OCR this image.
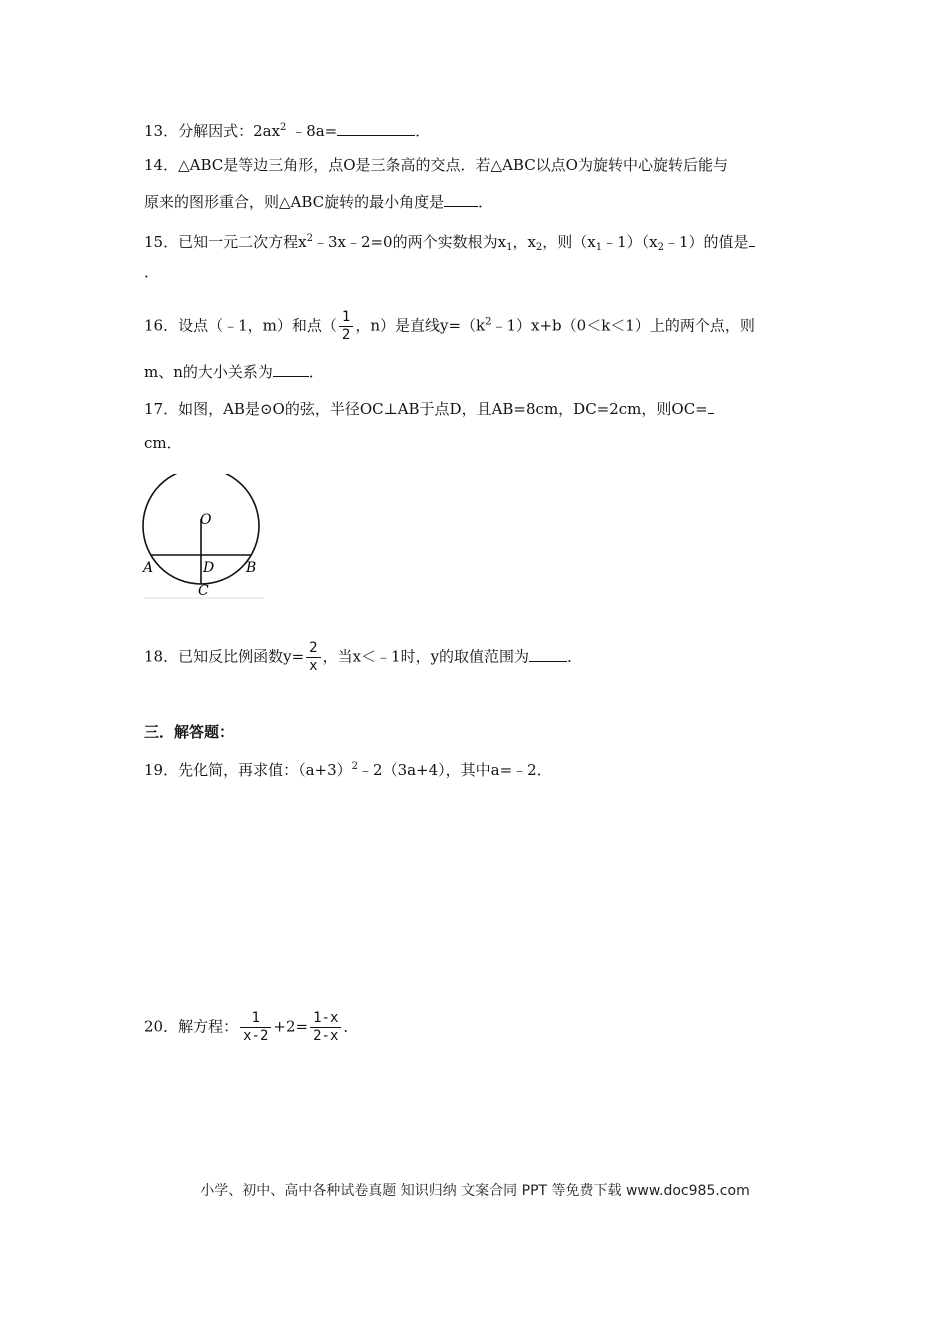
13．分解因式：$2ax^2$ ﹣8a=	．
14．△ABC是等边三角形，点O是三条高的交点．若△ABC以点O为旋转中心旋转后能与
原来的图形重合，则△ABC旋转的最小角度是 ．
15．已知一元二次方程$x^2﹣3x﹣2=0$的两个实数根为$x_1$，$x_2$，则$(x_1﹣1)(x_2﹣1)$的值是
．
16．设点（﹣1，m）和点（ $\frac{1}{2}$ ，n）是直线$y=(k^2﹣1)x+b(0<k<1)$上的两个点，则
m、n的大小关系为 ．
17．如图，AB是⊙O的弦，半径OC⊥AB于点D，且AB=8cm，DC=2cm，则OC=
cm．
O
A	D B
C
18．已知反比例函数$y= \frac{2}{x}$ ，当x＜﹣1时，y的取值范围为	．
三．解答题：
19．先化简，再求值：$(a+3)^2﹣2(3a+4)$，其中a=﹣2．
20．解方程： $\frac{1}{x-2} +2= \frac{1-x}{2-x}$ ．
小学、初中、高中各种试卷真题 知识归纳 文案合同 PPT 等免费下载 www.doc985.com
